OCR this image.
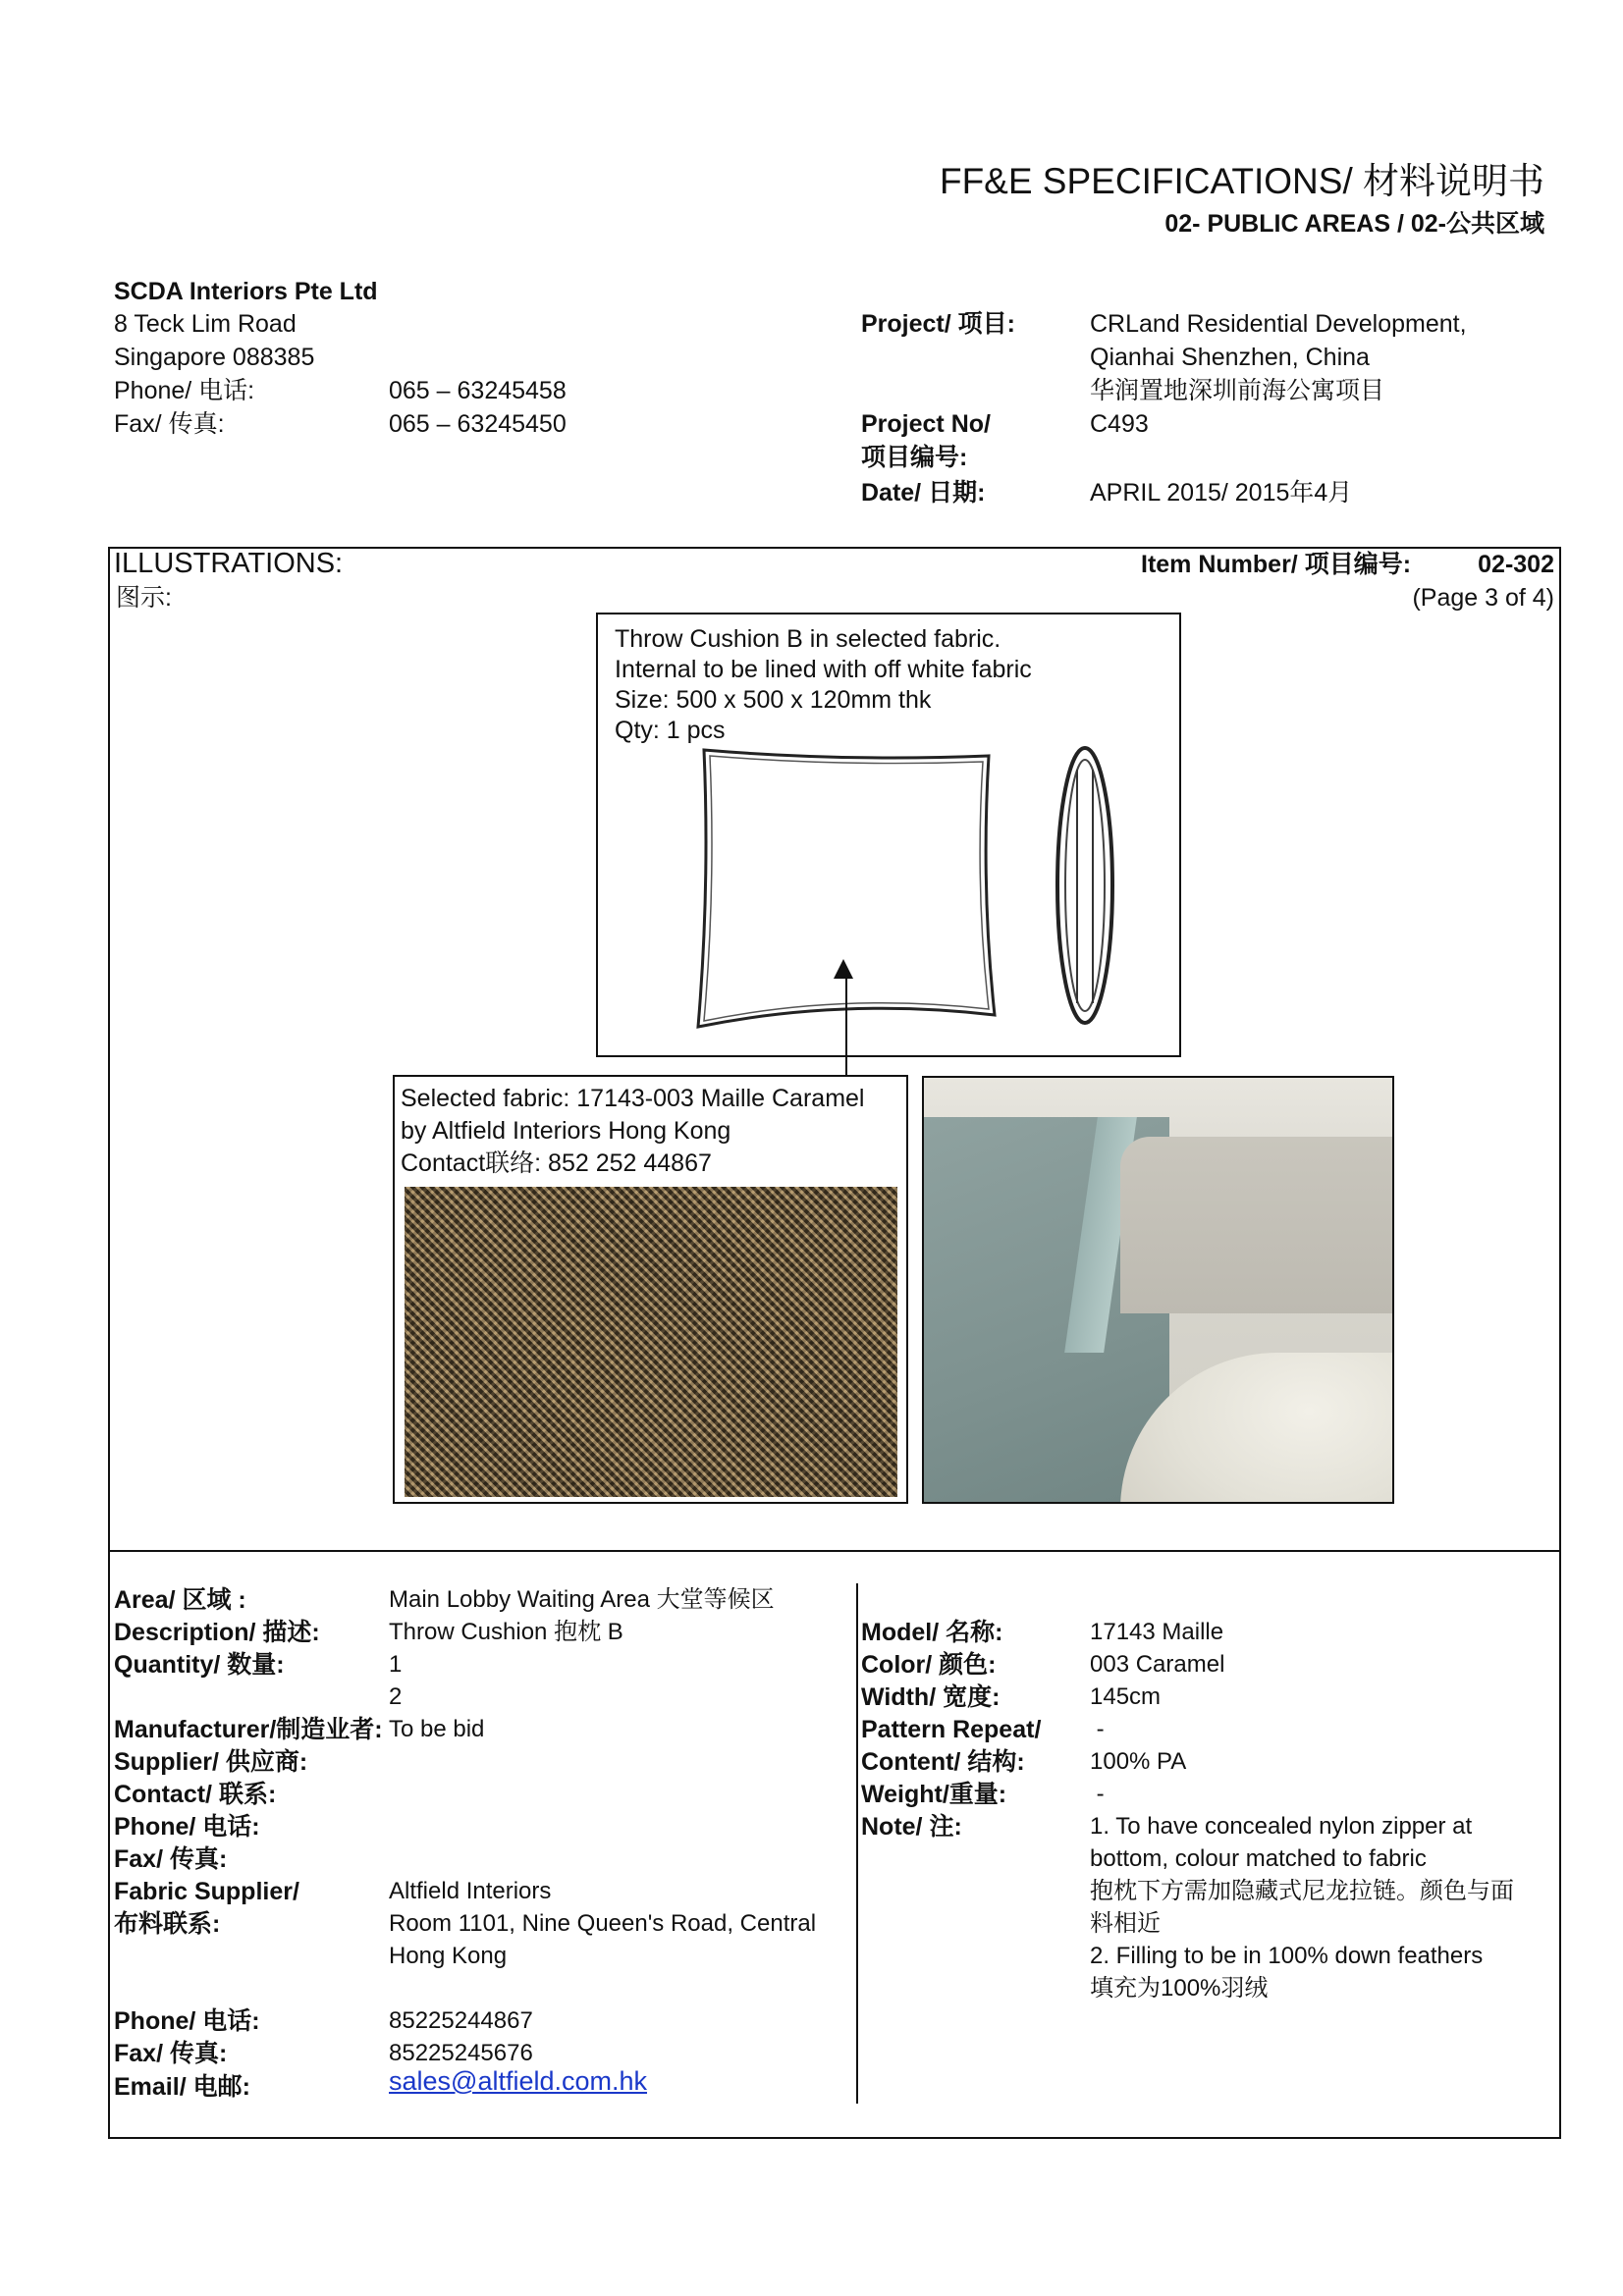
FF&E SPECIFICATIONS/ 材料说明书
02- PUBLIC AREAS / 02-公共区域
SCDA Interiors Pte Ltd
8 Teck Lim Road
Singapore 088385
Phone/ 电话:	065 – 63245458
Fax/ 传真:	065 – 63245450
Project/ 项目:	CRLand Residential Development,
Qianhai Shenzhen, China
华润置地深圳前海公寓项目
Project No/
项目编号:
C493
Date/ 日期:	APRIL 2015/ 2015年4月
ILLUSTRATIONS:
图示:
Item Number/ 项目编号:	02-302
(Page 3 of 4)
Throw Cushion B in selected fabric.
Internal to be lined with off white fabric
Size: 500 x 500 x 120mm thk
Qty: 1 pcs
Selected fabric: 17143-003 Maille Caramel
by Altfield Interiors Hong Kong
Contact联络: 852 252 44867
Area/ 区域 :	Main Lobby Waiting Area 大堂等候区
Description/ 描述:	Throw Cushion 抱枕 B
Quantity/ 数量:	1
2
Manufacturer/制造业者: To be bid
Supplier/ 供应商:
Contact/ 联系:
Phone/ 电话:
Fax/ 传真:
Fabric Supplier/	Altfield Interiors
布料联系:	Room 1101, Nine Queen's Road, Central
Hong Kong
Phone/ 电话:	85225244867
Fax/ 传真:	85225245676
Email/ 电邮:	sales@altfield.com.hk
Model/ 名称:	17143 Maille
Color/ 颜色:	003 Caramel
Width/ 宽度:	145cm
Pattern Repeat/ -
Content/ 结构:	100% PA
Weight/重量:	-
Note/ 注:	1. To have concealed nylon zipper at
bottom, colour matched to fabric
抱枕下方需加隐藏式尼龙拉链。颜色与面
料相近
2. Filling to be in 100% down feathers
填充为100%羽绒
